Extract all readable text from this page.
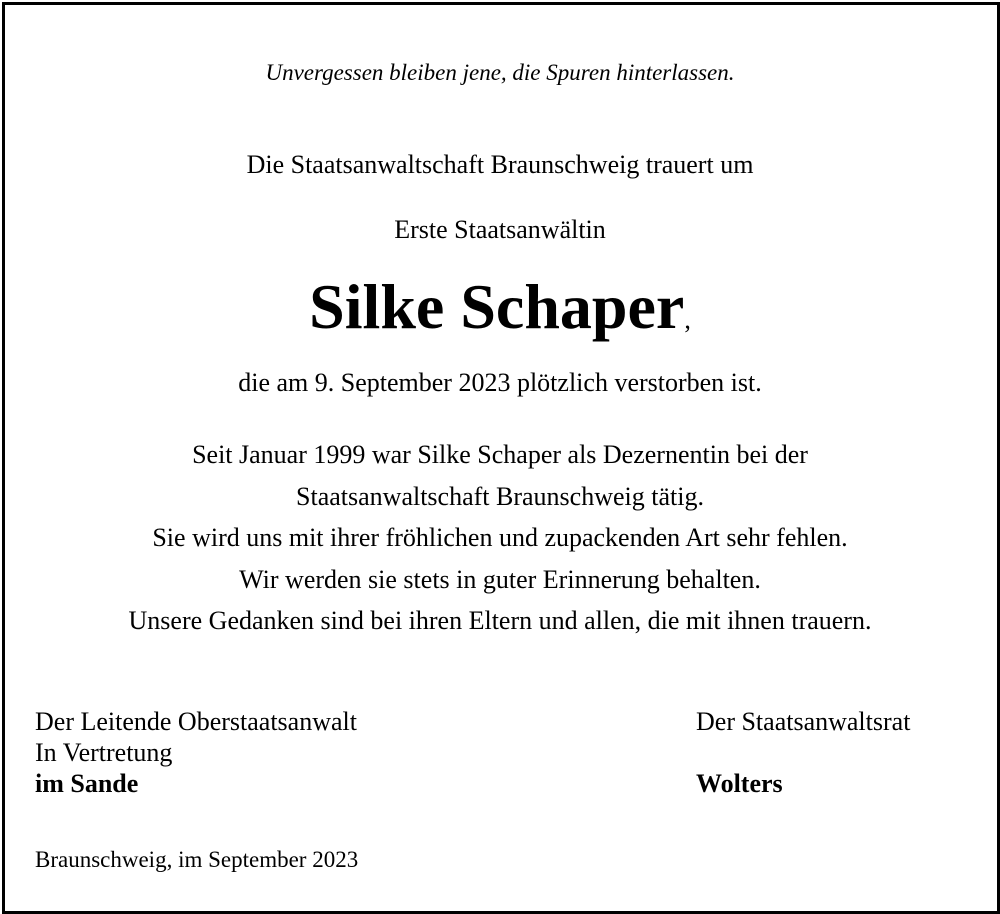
Unvergessen bleiben jene, die Spuren hinterlassen.
Die Staatsanwaltschaft Braunschweig trauert um
Erste Staatsanwältin
Silke Schaper,
die am 9. September 2023 plötzlich verstorben ist.
Seit Januar 1999 war Silke Schaper als Dezernentin bei der
Staatsanwaltschaft Braunschweig tätig.
Sie wird uns mit ihrer fröhlichen und zupackenden Art sehr fehlen.
Wir werden sie stets in guter Erinnerung behalten.
Unsere Gedanken sind bei ihren Eltern und allen, die mit ihnen trauern.
Der Leitende Oberstaatsanwalt
In Vertretung
im Sande
Der Staatsanwaltsrat
Wolters
Braunschweig, im September 2023
